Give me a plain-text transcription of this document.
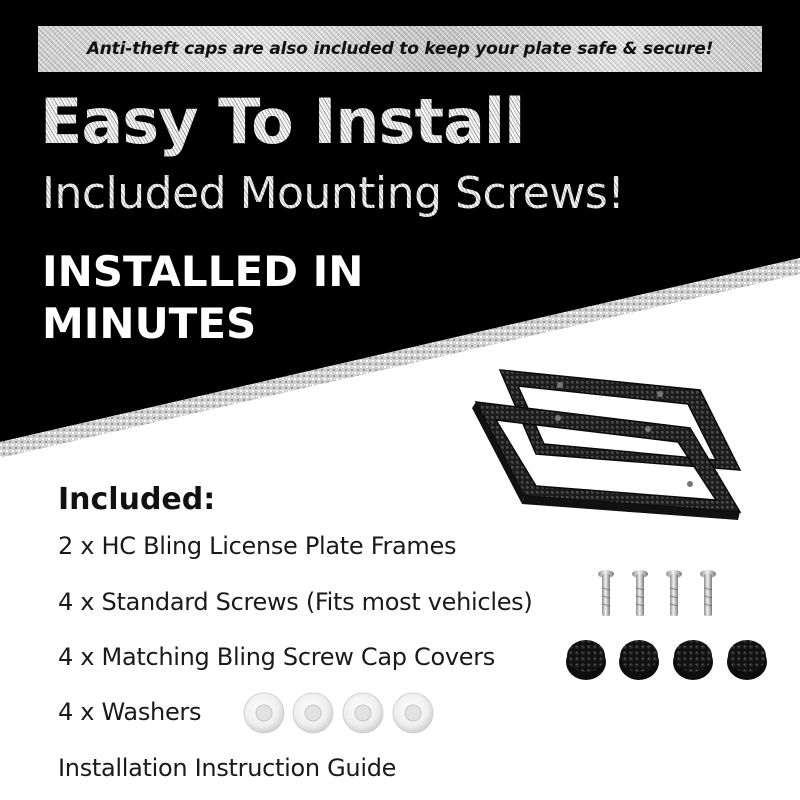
Anti-theft caps are also included to keep your plate safe & secure!
Easy To Install
Included Mounting Screws!
INSTALLED IN
MINUTES
Included:
2 x HC Bling License Plate Frames
4 x Standard Screws (Fits most vehicles)
4 x Matching Bling Screw Cap Covers
4 x Washers
Installation Instruction Guide
